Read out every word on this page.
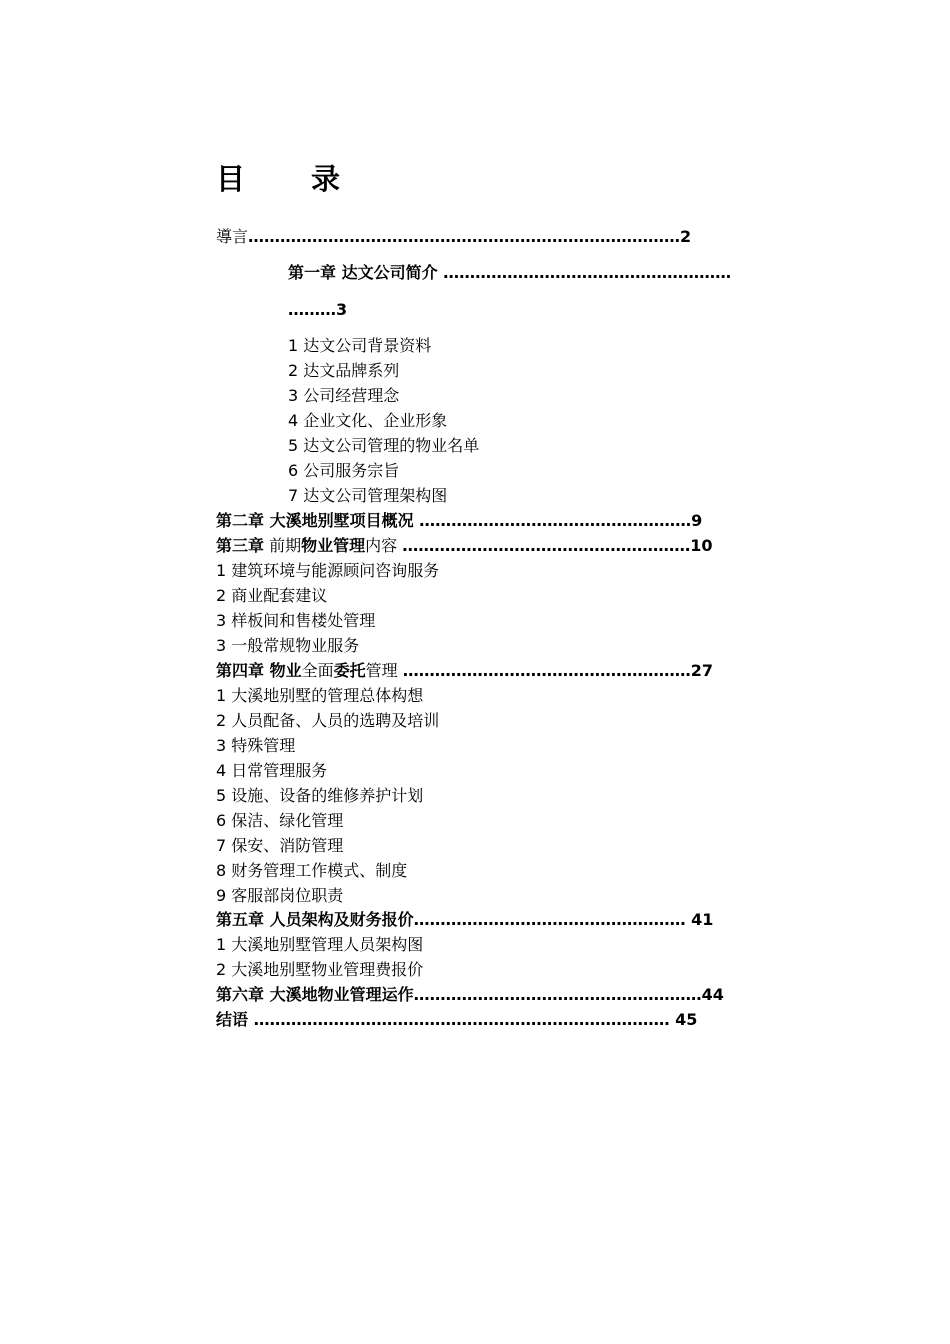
目 录
導言………………………………………………………………………2
第一章 达文公司简介 ………………………………………………
………3
1 达文公司背景资料
2 达文品牌系列
3 公司经营理念
4 企业文化、企业形象
5 达文公司管理的物业名单
6 公司服务宗旨
7 达文公司管理架构图
第二章 大溪地别墅项目概况 ……………………………………………9
第三章 前期物业管理内容 ………………………………………………10
1 建筑环境与能源顾问咨询服务
2 商业配套建议
3 样板间和售楼处管理
3 一般常规物业服务
第四章 物业全面委托管理 ………………………………………………27
1 大溪地别墅的管理总体构想
2 人员配备、人员的选聘及培训
3 特殊管理
4 日常管理服务
5 设施、设备的维修养护计划
6 保洁、绿化管理
7 保安、消防管理
8 财务管理工作模式、制度
9 客服部岗位职责
第五章 人员架构及财务报价…………………………………………… 41
1 大溪地别墅管理人员架构图
2 大溪地别墅物业管理费报价
第六章 大溪地物业管理运作………………………………………………44
结语 …………………………………………………………………… 45
